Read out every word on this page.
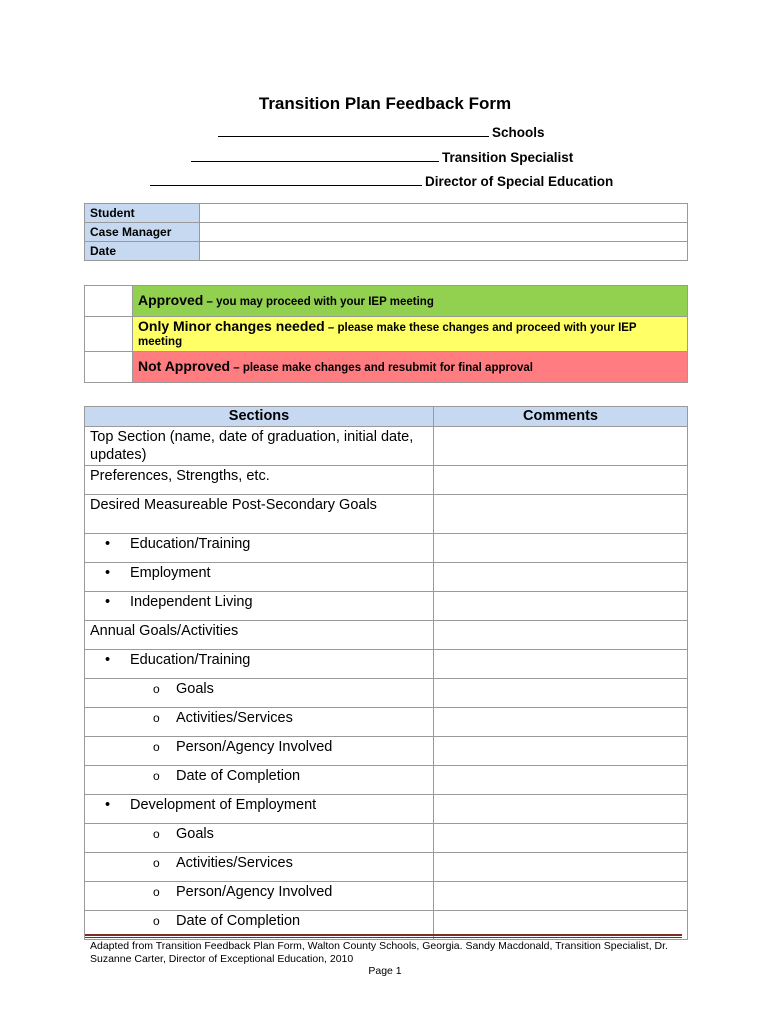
Transition Plan Feedback Form
Schools
Transition Specialist
Director of Special Education
Student	
Case Manager	
Date	
	Approved – you may proceed with your IEP meeting
	Only Minor changes needed – please make these changes and proceed with your IEP meeting
	Not Approved – please make changes and resubmit for final approval
Sections	Comments
Top Section (name, date of graduation, initial date, updates)	
Preferences, Strengths, etc.	
Desired Measureable Post-Secondary Goals	
• Education/Training	
• Employment	
• Independent Living	
Annual Goals/Activities	
• Education/Training	
o Goals	
o Activities/Services	
o Person/Agency Involved	
o Date of Completion	
• Development of Employment	
o Goals	
o Activities/Services	
o Person/Agency Involved	
o Date of Completion	
Adapted from Transition Feedback Plan Form, Walton County Schools, Georgia. Sandy Macdonald, Transition Specialist, Dr. Suzanne Carter, Director of Exceptional Education, 2010
Page 1
